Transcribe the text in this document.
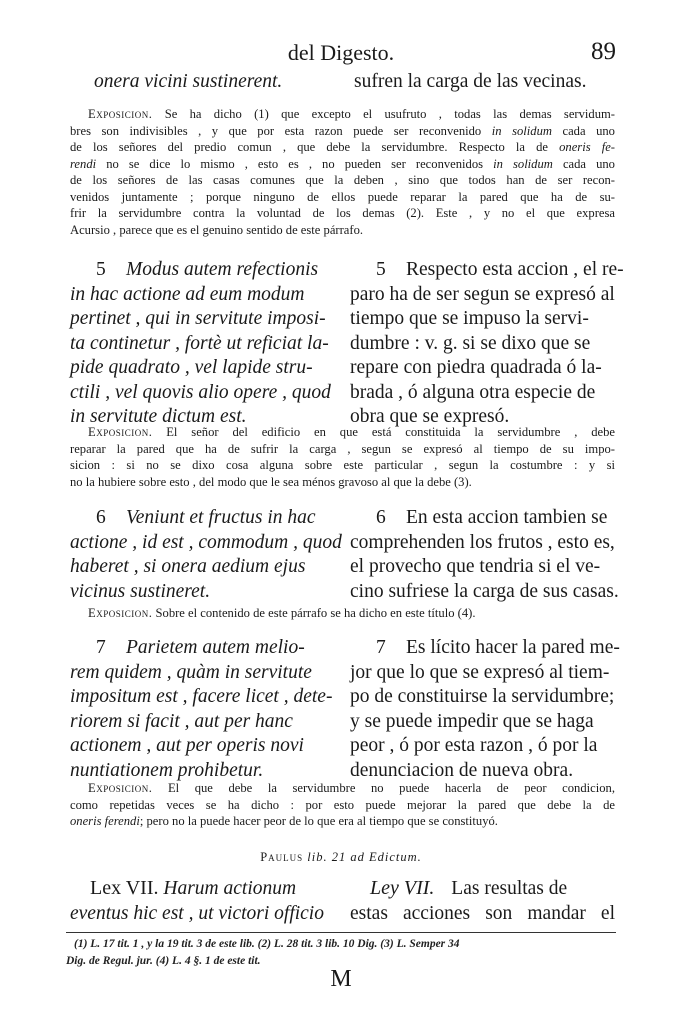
del Digesto.	89
onera vicini sustinerent.	sufren la carga de las vecinas.
Exposicion. Se ha dicho (1) que excepto el usufruto , todas las demas servidum-
bres son indivisibles , y que por esta razon puede ser reconvenido in solidum cada uno
de los señores del predio comun , que debe la servidumbre. Respecto la de oneris fe-
rendi no se dice lo mismo , esto es , no pueden ser reconvenidos in solidum cada uno
de los señores de las casas comunes que la deben , sino que todos han de ser recon-
venidos juntamente ; porque ninguno de ellos puede reparar la pared que ha de su-
frir la servidumbre contra la voluntad de los demas (2). Este , y no el que expresa
Acursio , parece que es el genuino sentido de este párrafo.
5 Modus autem refectionis
in hac actione ad eum modum
pertinet , qui in servitute imposi-
ta continetur , fortè ut reficiat la-
pide quadrato , vel lapide stru-
ctili , vel quovis alio opere , quod
in servitute dictum est.
5 Respecto esta accion , el re-
paro ha de ser segun se expresó al
tiempo que se impuso la servi-
dumbre : v. g. si se dixo que se
repare con piedra quadrada ó la-
brada , ó alguna otra especie de
obra que se expresó.
Exposicion. El señor del edificio en que está constituida la servidumbre , debe
reparar la pared que ha de sufrir la carga , segun se expresó al tiempo de su impo-
sicion : si no se dixo cosa alguna sobre este particular , segun la costumbre : y si
no la hubiere sobre esto , del modo que le sea ménos gravoso al que la debe (3).
6 Veniunt et fructus in hac
actione , id est , commodum , quod
haberet , si onera aedium ejus
vicinus sustineret.
6 En esta accion tambien se
comprehenden los frutos , esto es,
el provecho que tendria si el ve-
cino sufriese la carga de sus casas.
Exposicion. Sobre el contenido de este párrafo se ha dicho en este título (4).
7 Parietem autem melio-
rem quidem , quàm in servitute
impositum est , facere licet , dete-
riorem si facit , aut per hanc
actionem , aut per operis novi
nuntiationem prohibetur.
7 Es lícito hacer la pared me-
jor que lo que se expresó al tiem-
po de constituirse la servidumbre;
y se puede impedir que se haga
peor , ó por esta razon , ó por la
denunciacion de nueva obra.
Exposicion. El que debe la servidumbre no puede hacerla de peor condicion,
como repetidas veces se ha dicho : por esto puede mejorar la pared que debe la de
oneris ferendi; pero no la puede hacer peor de lo que era al tiempo que se constituyó.
Paulus lib. 21 ad Edictum.
Lex VII. Harum actionum
eventus hic est , ut victori officio
Ley VII. Las resultas de
estas acciones son mandar el
(1) L. 17 tit. 1 , y la 19 tit. 3 de este lib. (2) L. 28 tit. 3 lib. 10 Dig. (3) L. Semper 34
Dig. de Regul. jur. (4) L. 4 §. 1 de este tit.
M
